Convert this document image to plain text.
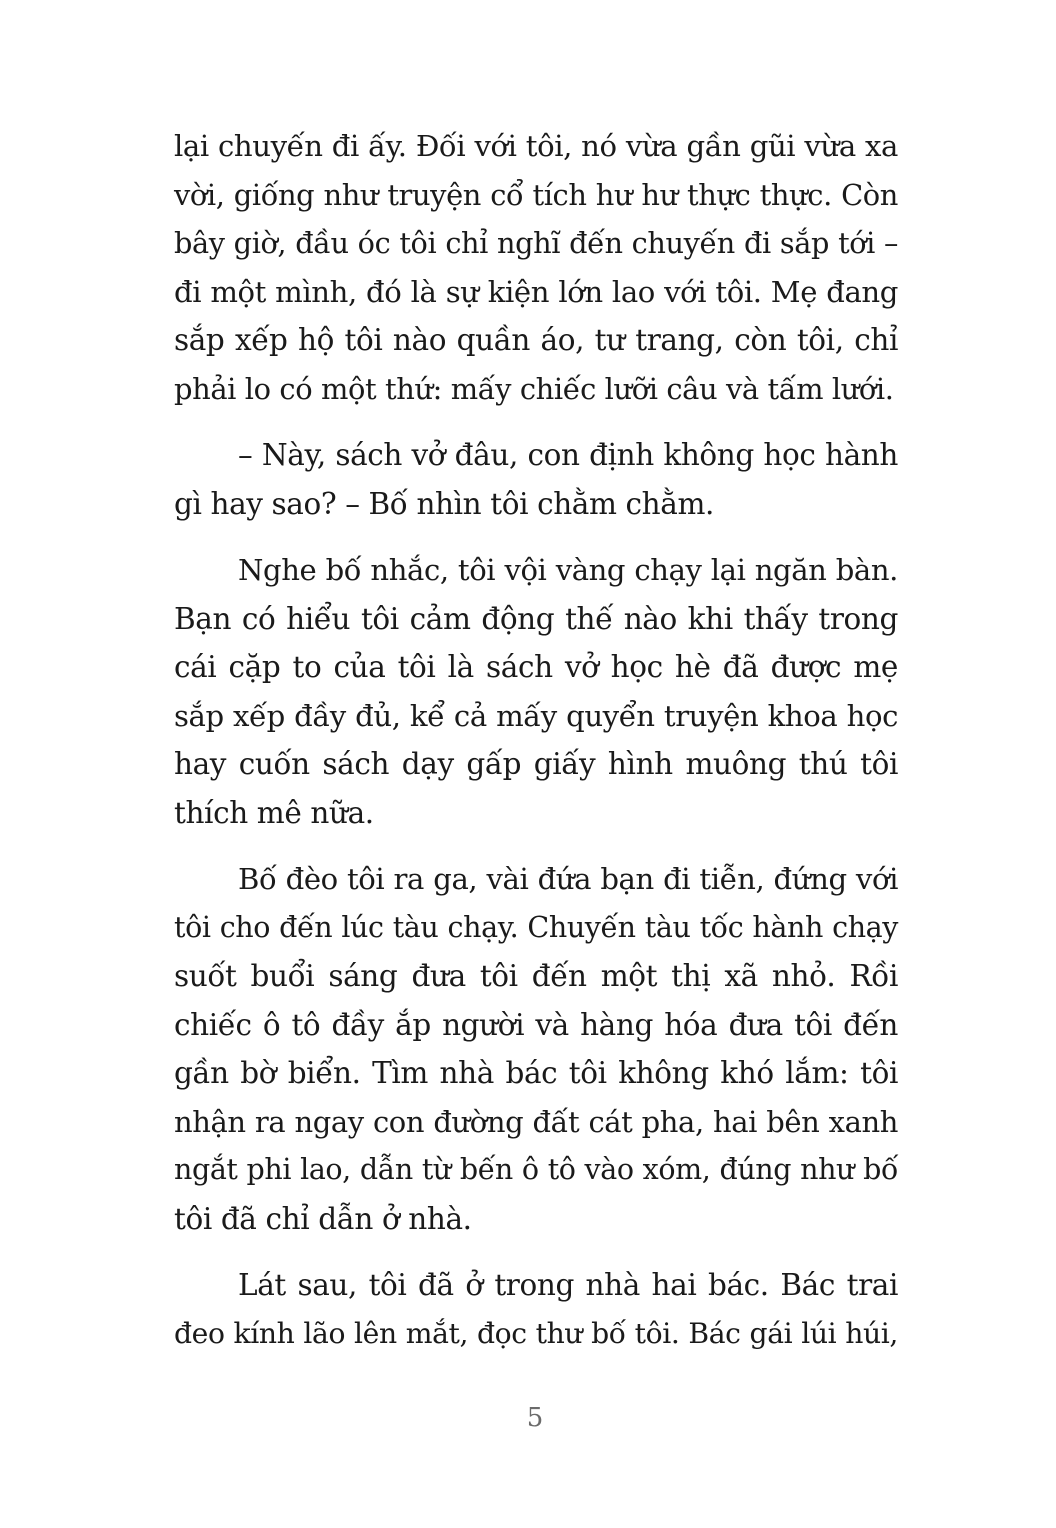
lại chuyến đi ấy. Đối với tôi, nó vừa gần gũi vừa xa
vời, giống như truyện cổ tích hư hư thực thực. Còn
bây giờ, đầu óc tôi chỉ nghĩ đến chuyến đi sắp tới –
đi một mình, đó là sự kiện lớn lao với tôi. Mẹ đang
sắp xếp hộ tôi nào quần áo, tư trang, còn tôi, chỉ
phải lo có một thứ: mấy chiếc lưỡi câu và tấm lưới.
– Này, sách vở đâu, con định không học hành
gì hay sao? – Bố nhìn tôi chằm chằm.
Nghe bố nhắc, tôi vội vàng chạy lại ngăn bàn.
Bạn có hiểu tôi cảm động thế nào khi thấy trong
cái cặp to của tôi là sách vở học hè đã được mẹ
sắp xếp đầy đủ, kể cả mấy quyển truyện khoa học
hay cuốn sách dạy gấp giấy hình muông thú tôi
thích mê nữa.
Bố đèo tôi ra ga, vài đứa bạn đi tiễn, đứng với
tôi cho đến lúc tàu chạy. Chuyến tàu tốc hành chạy
suốt buổi sáng đưa tôi đến một thị xã nhỏ. Rồi
chiếc ô tô đầy ắp người và hàng hóa đưa tôi đến
gần bờ biển. Tìm nhà bác tôi không khó lắm: tôi
nhận ra ngay con đường đất cát pha, hai bên xanh
ngắt phi lao, dẫn từ bến ô tô vào xóm, đúng như bố
tôi đã chỉ dẫn ở nhà.
Lát sau, tôi đã ở trong nhà hai bác. Bác trai
đeo kính lão lên mắt, đọc thư bố tôi. Bác gái lúi húi,
5
